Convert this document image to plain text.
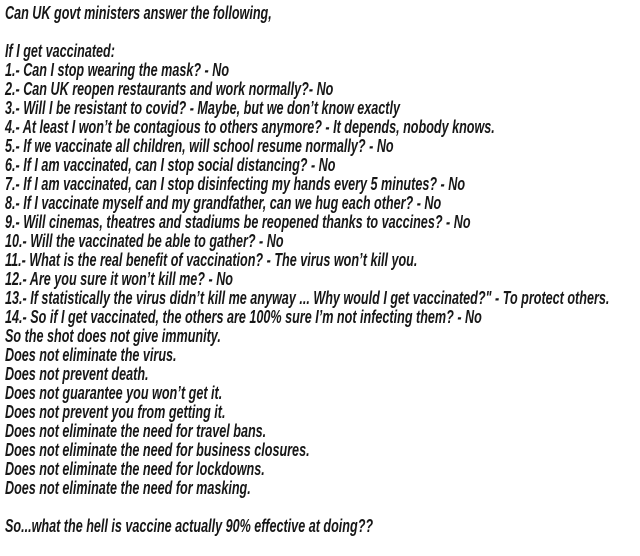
Can UK govt ministers answer the following,
If I get vaccinated:
1.- Can I stop wearing the mask? - No
2.- Can UK reopen restaurants and work normally?- No
3.- Will I be resistant to covid? - Maybe, but we don’t know exactly
4.- At least I won’t be contagious to others anymore? - It depends, nobody knows.
5.- If we vaccinate all children, will school resume normally? - No
6.- If I am vaccinated, can I stop social distancing? - No
7.- If I am vaccinated, can I stop disinfecting my hands every 5 minutes? - No
8.- If I vaccinate myself and my grandfather, can we hug each other? - No
9.- Will cinemas, theatres and stadiums be reopened thanks to vaccines? - No
10.- Will the vaccinated be able to gather? - No
11.- What is the real benefit of vaccination? - The virus won’t kill you.
12.- Are you sure it won’t kill me? - No
13.- If statistically the virus didn’t kill me anyway ... Why would I get vaccinated?" - To protect others.
14.- So if I get vaccinated, the others are 100% sure I’m not infecting them? - No
So the shot does not give immunity.
Does not eliminate the virus.
Does not prevent death.
Does not guarantee you won’t get it.
Does not prevent you from getting it.
Does not eliminate the need for travel bans.
Does not eliminate the need for business closures.
Does not eliminate the need for lockdowns.
Does not eliminate the need for masking.
So...what the hell is vaccine actually 90% effective at doing??
